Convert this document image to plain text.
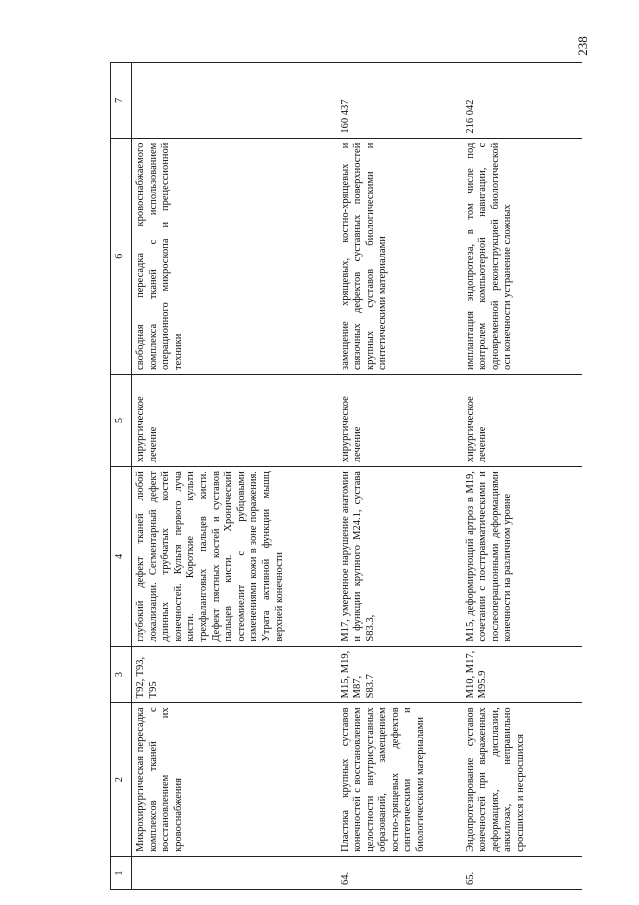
238
1	2	3	4	5	6	7
	Микрохирургическая пересадка комплексов тканей с восстановлением их кровоснабжения	T92, T93, T95	глубокий дефект тканей любой локализации. Сегментарный дефект длинных трубчатых костей конечностей. Культя первого луча кисти. Короткие культи трехфаланговых пальцев кисти. Дефект пястных костей и суставов пальцев кисти. Хронический остеомиелит с рубцовыми изменениями кожи в зоне поражения. Утрата активной функции мышц верхней конечности	хирургическое лечение	свободная пересадка кровоснабжаемого комплекса тканей с использованием операционного микроскопа и прецессионной техники	
64.	Пластика крупных суставов конечностей с восстановлением целостности внутрисуставных образований, замещением костно-хрящевых дефектов синтетическими и биологическими материалами	M15, M19, M87, S83.7	M17, умеренное нарушение анатомии и функции крупного M24.1, сустава S83.3,	хирургическое лечение	замещение хрящевых, костно-хрящевых и связочных дефектов суставных поверхностей крупных суставов биологическими и синтетическими материалами	160 437
65.	Эндопротезирование суставов конечностей при выраженных деформациях, дисплазии, анкилозах, неправильно сросшихся и несросшихся	M10, M17, M95.9	M15, деформирующий артроз в M19, сочетании с посттравматическими и послеоперационными деформациями конечности на различном уровне	хирургическое лечение	имплантация эндопротеза, в том числе под контролем компьютерной навигации, с одновременной реконструкцией биологической оси конечности устранение сложных	216 042
